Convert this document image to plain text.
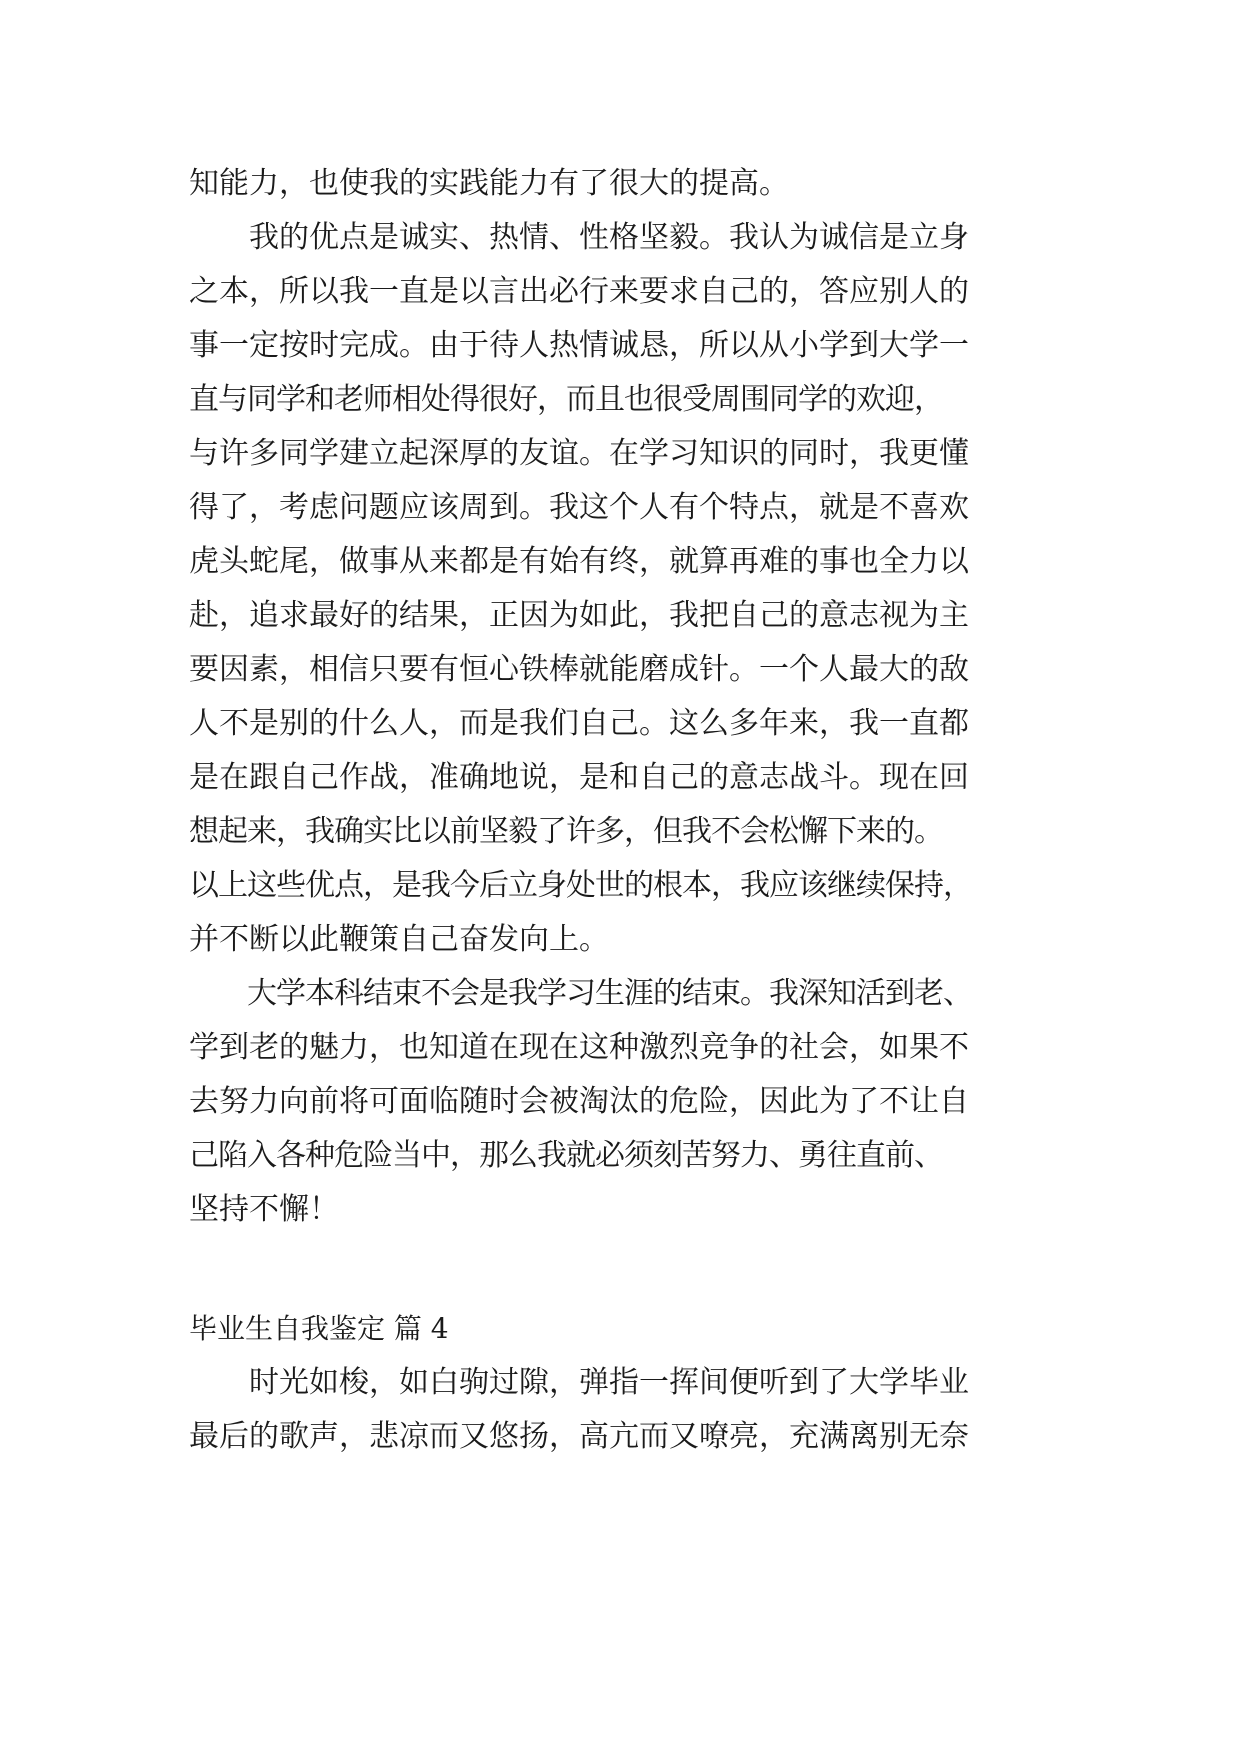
知能力，也使我的实践能力有了很大的提高。
　　我的优点是诚实、热情、性格坚毅。我认为诚信是立身
之本，所以我一直是以言出必行来要求自己的，答应别人的
事一定按时完成。由于待人热情诚恳，所以从小学到大学一
直与同学和老师相处得很好，而且也很受周围同学的欢迎，
与许多同学建立起深厚的友谊。在学习知识的同时，我更懂
得了，考虑问题应该周到。我这个人有个特点，就是不喜欢
虎头蛇尾，做事从来都是有始有终，就算再难的事也全力以
赴，追求最好的结果，正因为如此，我把自己的意志视为主
要因素，相信只要有恒心铁棒就能磨成针。一个人最大的敌
人不是别的什么人，而是我们自己。这么多年来，我一直都
是在跟自己作战，准确地说，是和自己的意志战斗。现在回
想起来，我确实比以前坚毅了许多，但我不会松懈下来的。
以上这些优点，是我今后立身处世的根本，我应该继续保持，
并不断以此鞭策自己奋发向上。
　　大学本科结束不会是我学习生涯的结束。我深知活到老、
学到老的魅力，也知道在现在这种激烈竞争的社会，如果不
去努力向前将可面临随时会被淘汰的危险，因此为了不让自
己陷入各种危险当中，那么我就必须刻苦努力、勇往直前、
坚持不懈！
毕业生自我鉴定 篇 4
　　时光如梭，如白驹过隙，弹指一挥间便听到了大学毕业
最后的歌声，悲凉而又悠扬，高亢而又嘹亮，充满离别无奈
